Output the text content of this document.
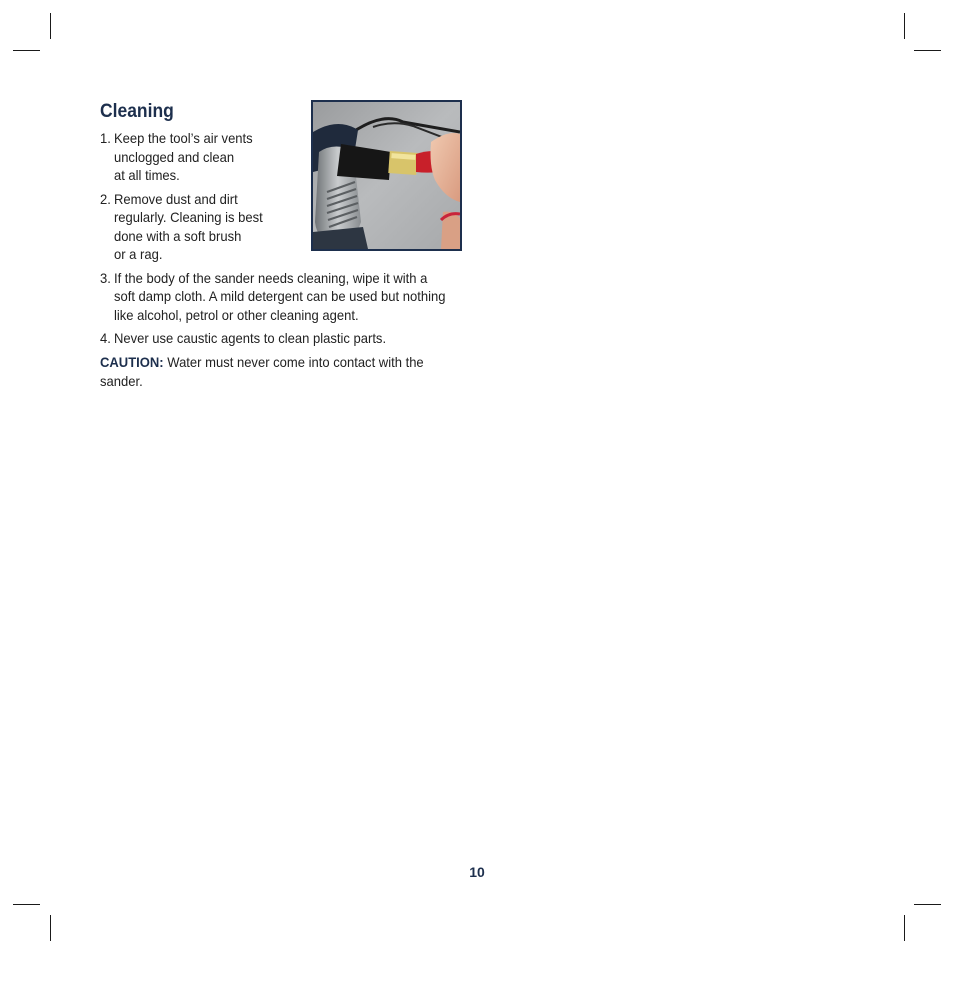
Cleaning
1. Keep the tool’s air vents
unclogged and clean
at all times.
2. Remove dust and dirt
regularly. Cleaning is best
done with a soft brush
or a rag.
3. If the body of the sander needs cleaning, wipe it with a
soft damp cloth. A mild detergent can be used but nothing
like alcohol, petrol or other cleaning agent.
4. Never use caustic agents to clean plastic parts.
CAUTION: Water must never come into contact with the
sander.
10
